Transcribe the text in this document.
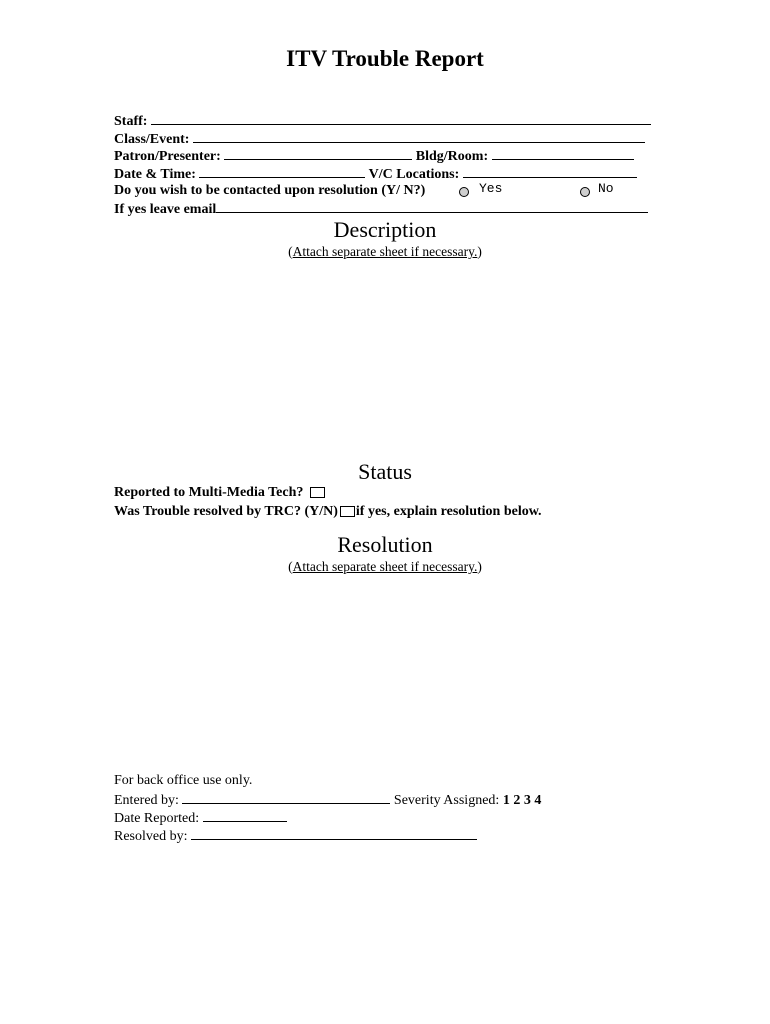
ITV Trouble Report
Staff:
Class/Event:
Patron/Presenter:	Bldg/Room:
Date & Time:	V/C Locations:
Do you wish to be contacted upon resolution (Y/ N?)	Yes	No
If yes leave email
Description
(Attach separate sheet if necessary.)
Status
Reported to Multi-Media Tech?
Was Trouble resolved by TRC? (Y/N) if yes, explain resolution below.
Resolution
(Attach separate sheet if necessary.)
For back office use only.
Entered by:	Severity Assigned: 1 2 3 4
Date Reported:
Resolved by:
